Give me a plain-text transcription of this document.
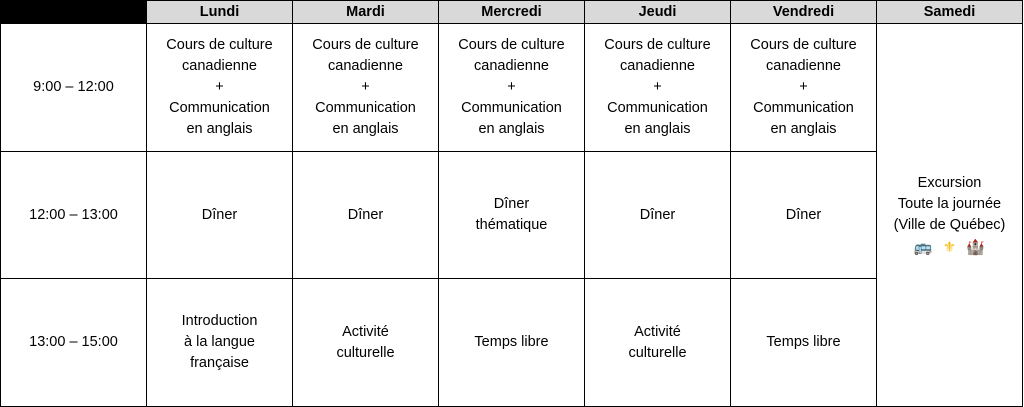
	Lundi	Mardi	Mercredi	Jeudi	Vendredi	Samedi
9:00 – 12:00	Cours de culture
canadienne
+
Communication
en anglais	Cours de culture
canadienne
+
Communication
en anglais	Cours de culture
canadienne
+
Communication
en anglais	Cours de culture
canadienne
+
Communication
en anglais	Cours de culture
canadienne
+
Communication
en anglais	Excursion
Toute la journée
(Ville de Québec)
🚌 ⚜ 🏰

12:00 – 13:00	Dîner	Dîner	Dîner
thématique	Dîner	Dîner	

13:00 – 15:00	Introduction
à la langue
française	Activité
culturelle	Temps libre	Activité
culturelle	Temps libre	
